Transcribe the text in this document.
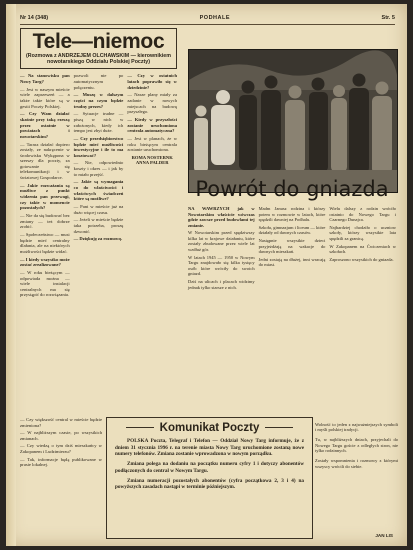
Nr 14 (348)	PODHALE	Str. 5
Tele—niemoc
(Rozmowa z ANDRZEJEM OLCHAWSKIM — kierownikiem nowotarskiego Oddziału Polskiej Poczty)

— Na stanowisku pan Nowy Targ?

— Jest w naszym mieście wiele zaprzeszeń — a także takie które są w gestii Poczty Polskiej.

— Czy Wam działać skaśnie przy taką rzeszą przez ostatnie w powiatach i nowotarskim?

— Tarasz działać dopiero zostały, ze nakręcenie w środowisku Wykępona w szerszy dla poczty, za gotowanie się telekomunikacji i w światowej Gospodarce.

— Jakie rozważania są możliwe z punkt widzenia pan przewagi, czy takie w momencie pozostałych?

— Nie da się budować bez zmiany — też dobrze zrobić.

— Społeczeństwo — musi będzie mieć centralny dlałania, ale na niektórych możliwości będzie widać.

— I kiedy wszystko może zostać zrealizowane?

— W roku bieżącym — odpowiada można — wiele instalacji centralnych ma się przystąpić do rozwiązania.

pozwoli nie po automatycznym połączeniu.

— Muszę w dalszym części na czym będzie trudny prezes?

— Sytuacje trudne — piszą w nich w założonych, kiedy ich tempo jest zbyt duże.

— Czy przedsiębiorstwo będzie mieć możliwości inwestycyjne i ile to ma kosztować?

— Nie, odpowiednio koszty i okres — i jak by to miało przejść.

— Jakie są wymagania co do właściwości i właściwych świadczeń które są możliwe?

— Pani w mieście już na dużo więcej czasu.

— Jeżeli w mieście będzie taka potrzeba, proszę dzwonić.

— Dziękuję za rozmowę.

— Czy w ostatnich latach poprawiło się w dziedzinie?

— Nasze plany miały za zadanie w nowych miejscach na budowę przyszłego.

— Kiedy w przyszłości zostanie uruchomiona centrala automatyczna?

— Jest w planach, że w roku bieżącym centrala zostanie uruchomiona.

ROMA NOSTERNK ANNA PALDER

Powrót do gniazda

NA WAWRZYCH jak w Nowotarskim właścicie wówczas gdzie zawsze przed budowlami tej zmianie.

W Nowotarskim przed spędziwszy kilka lat w krajowe działaniu, które zostały zbudowane przez wiele lat wzdłuż gór.

W latach 1945 — 1950 w Nowym Targu znajdowało się kilka tysięcy osób które wróciły do swoich gniazd.

Dziś na ulicach i placach widzimy jednak tylko starsze z nich.

Madm Janusz rodzina i którzy potem w rozmowie w latach, które spędzili dawniej na Podhalu.

Szkoła, gimnazjum i liceum — które działały od dawnych czasów.

Następnie wszystkie dzieci przyjeżdżają na wakacje do dawnych mieszkań.

Jedni zostają na dłużej, inni wracają do miast.

Wielu dalszy z rodzin wróciło ostatnio do Nowego Targu i Czarnego Dunajca.

Najbardziej chodziło o uczniow szkoły, którzy wszystkie lata spędzili za granicą.

W Zakopanem na Ćwiczeniach w szkołach.

Zaproszono wszystkich do gniazda.

— Czy większość central w mieście będzie zmieniona?

— W najbliższym czasie, po wszystkich zmianach.

— Czy wiedzą o tym dziś mieszkańcy w Zakopanem i Ludzimierzu?

— Tak, informacje będą publikowane w prasie lokalnej.

Komunikat Poczty

POLSKA Poczta, Telegraf i Telefon — Oddział Nowy Targ informuje, że z dniem 31 stycznia 1996 r. na terenie miasta Nowy Targ uruchomione zostaną nowe numery telefonów. Zmiana zostanie wprowadzona w nowym porządku.

Zmiana polega na dodaniu na początku numeru cyfry 1 i dotyczy abonentów podłączonych do central w Nowym Targu.

Zmiana numeracji pozostałych abonentów (cyfra początkowa 2, 3 i 4) na powyższych zasadach nastąpi w terminie późniejszym.

Wolność to jeden z najważniejszych symboli i myśli polskiej tradycji.

Tu, w najbliższych dniach, przyjechali do Nowego Targu goście z odległych stron, nie tylko rodzinnych.

Zostały wspomnienia i rozmowy z którymi wszyscy wrócili do siebie.

JAN LIS
